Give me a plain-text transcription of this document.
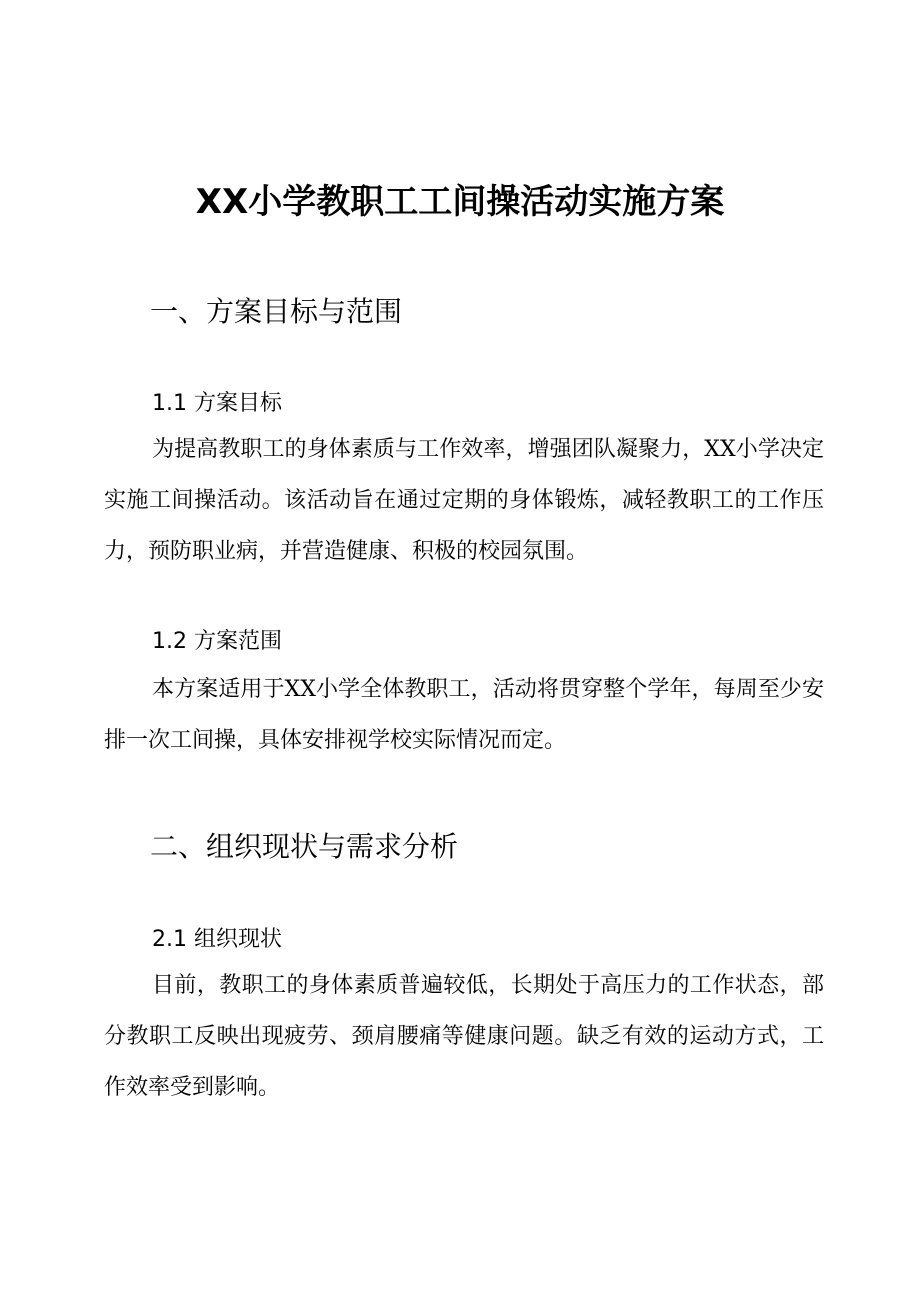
XX小学教职工工间操活动实施方案
一、方案目标与范围
1.1 方案目标

为提高教职工的身体素质与工作效率，增强团队凝聚力，XX小学决定实施工间操活动。该活动旨在通过定期的身体锻炼，减轻教职工的工作压力，预防职业病，并营造健康、积极的校园氛围。

1.2 方案范围

本方案适用于XX小学全体教职工，活动将贯穿整个学年，每周至少安排一次工间操，具体安排视学校实际情况而定。

二、组织现状与需求分析
2.1 组织现状

目前，教职工的身体素质普遍较低，长期处于高压力的工作状态，部分教职工反映出现疲劳、颈肩腰痛等健康问题。缺乏有效的运动方式，工作效率受到影响。
